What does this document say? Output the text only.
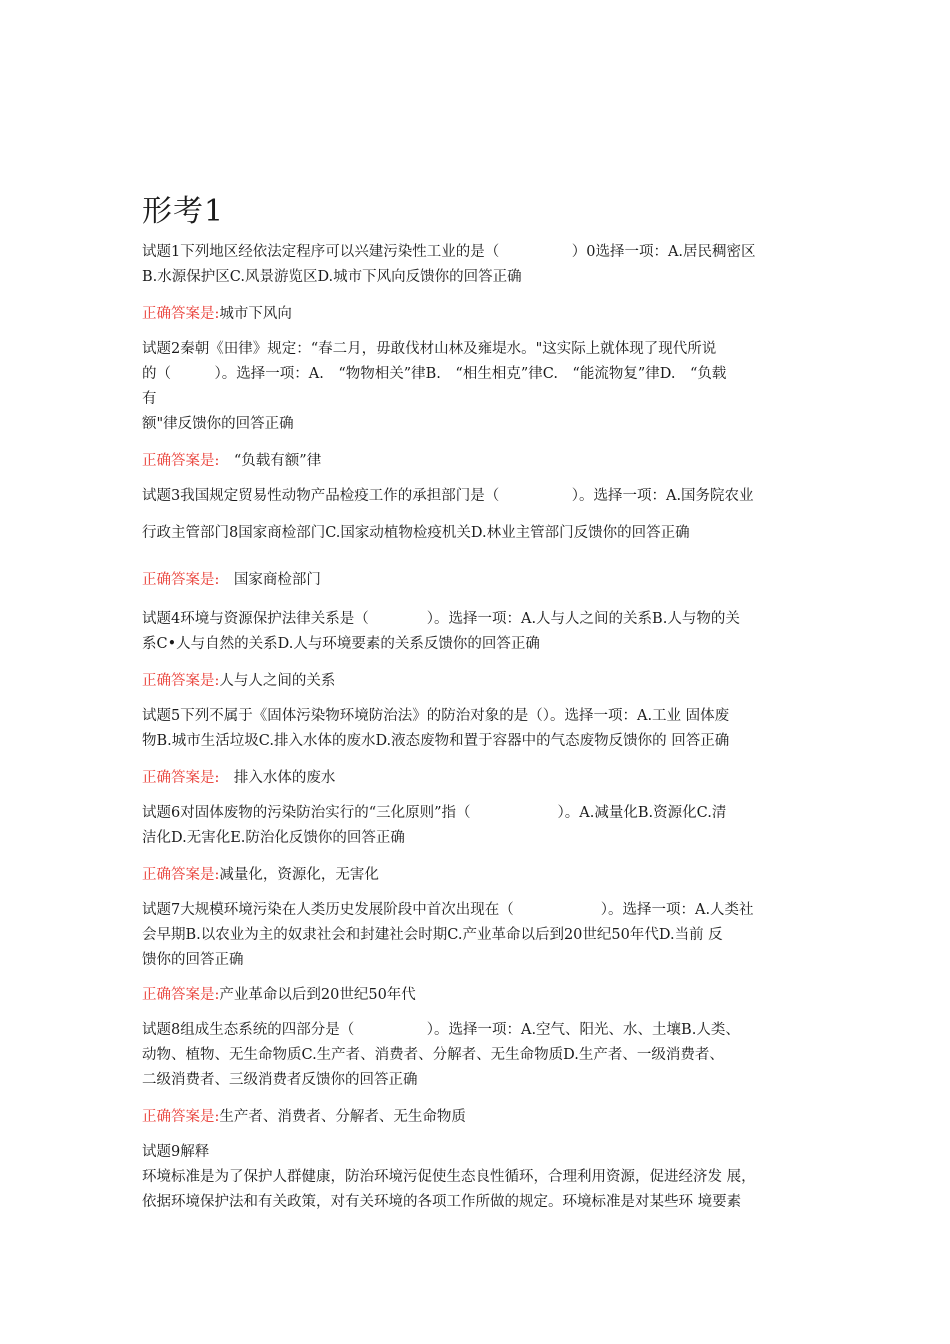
形考1

试题1下列地区经依法定程序可以兴建污染性工业的是（　　　　　）0选择一项：A.居民稠密区

B.水源保护区C.风景游览区D.城市下风向反馈你的回答正确

正确答案是:城市下风向

试题2秦朝《田律》规定：“春二月，毋敢伐材山林及雍堤水。"这实际上就体现了现代所说

的（　　　）。选择一项：A.　“物物相关”律B.　“相生相克”律C.　“能流物复”律D.　“负载

有

额"律反馈你的回答正确

正确答案是:　“负载有额”律

试题3我国规定贸易性动物产品检疫工作的承担部门是（　　　　　）。选择一项：A.国务院农业

行政主管部门8国家商检部门C.国家动植物检疫机关D.林业主管部门反馈你的回答正确

正确答案是:　国家商检部门

试题4环境与资源保护法律关系是（　　　　）。选择一项：A.人与人之间的关系B.人与物的关

系C•人与自然的关系D.人与环境要素的关系反馈你的回答正确

正确答案是:人与人之间的关系

试题5下列不属于《固体污染物环境防治法》的防治对象的是（）。选择一项：A.工业 固体废

物B.城市生活垃圾C.排入水体的废水D.液态废物和置于容器中的气态废物反馈你的 回答正确

正确答案是:　排入水体的废水

试题6对固体废物的污染防治实行的“三化原则”指（　　　　　　）。A.减量化B.资源化C.清

洁化D.无害化E.防治化反馈你的回答正确

正确答案是:减量化，资源化，无害化

试题7大规模环境污染在人类历史发展阶段中首次出现在（　　　　　　）。选择一项：A.人类社

会早期B.以农业为主的奴隶社会和封建社会时期C.产业革命以后到20世纪50年代D.当前 反

馈你的回答正确

正确答案是:产业革命以后到20世纪50年代

试题8组成生态系统的四部分是（　　　　　）。选择一项：A.空气、阳光、水、土壤B.人类、

动物、植物、无生命物质C.生产者、消费者、分解者、无生命物质D.生产者、一级消费者、

二级消费者、三级消费者反馈你的回答正确

正确答案是:生产者、消费者、分解者、无生命物质

试题9解释

环境标准是为了保护人群健康，防治环境污促使生态良性循环，合理利用资源，促进经济发 展，

依据环境保护法和有关政策，对有关环境的各项工作所做的规定。环境标准是对某些环 境要素
